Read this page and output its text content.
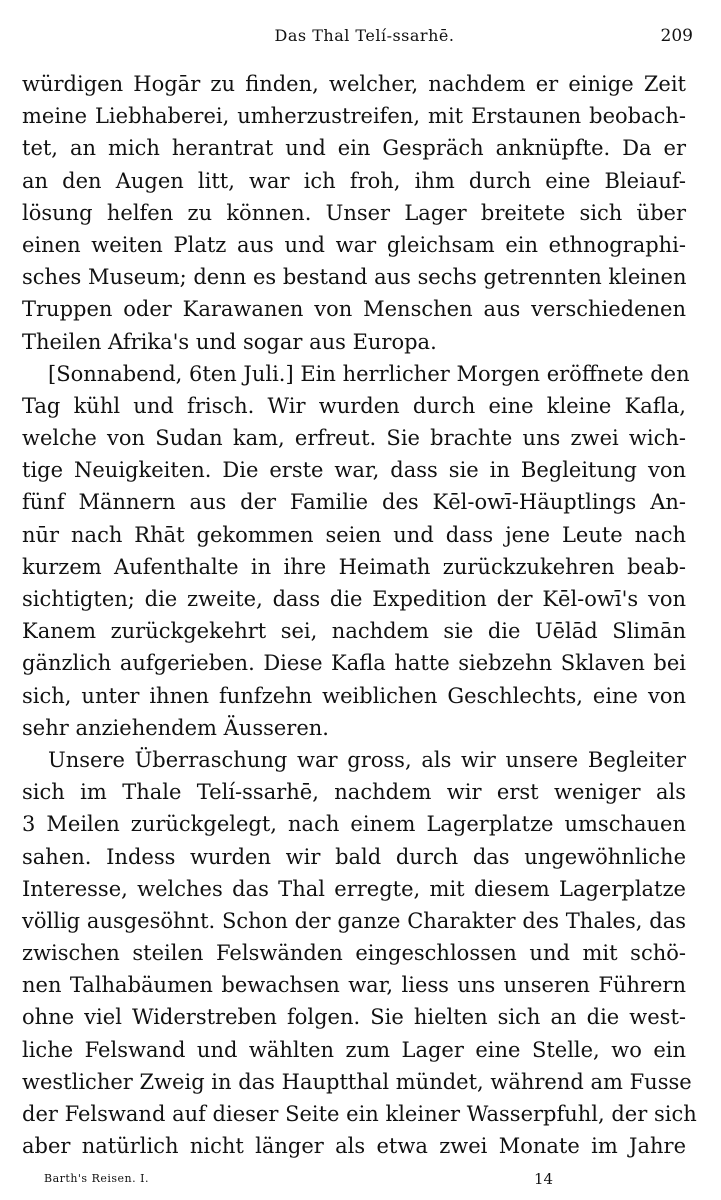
Das Thal Telí-ssarhē.	209
würdigen Hogār zu finden, welcher, nachdem er einige Zeit
meine Liebhaberei, umherzustreifen, mit Erstaunen beobach-
tet, an mich herantrat und ein Gespräch anknüpfte. Da er
an den Augen litt, war ich froh, ihm durch eine Bleiauf-
lösung helfen zu können. Unser Lager breitete sich über
einen weiten Platz aus und war gleichsam ein ethnographi-
sches Museum; denn es bestand aus sechs getrennten kleinen
Truppen oder Karawanen von Menschen aus verschiedenen
Theilen Afrika's und sogar aus Europa.
[Sonnabend, 6ten Juli.] Ein herrlicher Morgen eröffnete den
Tag kühl und frisch. Wir wurden durch eine kleine Kafla,
welche von Sudan kam, erfreut. Sie brachte uns zwei wich-
tige Neuigkeiten. Die erste war, dass sie in Begleitung von
fünf Männern aus der Familie des Kēl-owī-Häuptlings An-
nūr nach Rhāt gekommen seien und dass jene Leute nach
kurzem Aufenthalte in ihre Heimath zurückzukehren beab-
sichtigten; die zweite, dass die Expedition der Kēl-owī's von
Kanem zurückgekehrt sei, nachdem sie die Uēlād Slimān
gänzlich aufgerieben. Diese Kafla hatte siebzehn Sklaven bei
sich, unter ihnen funfzehn weiblichen Geschlechts, eine von
sehr anziehendem Äusseren.
Unsere Überraschung war gross, als wir unsere Begleiter
sich im Thale Telí-ssarhē, nachdem wir erst weniger als
3 Meilen zurückgelegt, nach einem Lagerplatze umschauen
sahen. Indess wurden wir bald durch das ungewöhnliche
Interesse, welches das Thal erregte, mit diesem Lagerplatze
völlig ausgesöhnt. Schon der ganze Charakter des Thales, das
zwischen steilen Felswänden eingeschlossen und mit schö-
nen Talhabäumen bewachsen war, liess uns unseren Führern
ohne viel Widerstreben folgen. Sie hielten sich an die west-
liche Felswand und wählten zum Lager eine Stelle, wo ein
westlicher Zweig in das Hauptthal mündet, während am Fusse
der Felswand auf dieser Seite ein kleiner Wasserpfuhl, der sich
aber natürlich nicht länger als etwa zwei Monate im Jahre
Barth's Reisen. I.	14
